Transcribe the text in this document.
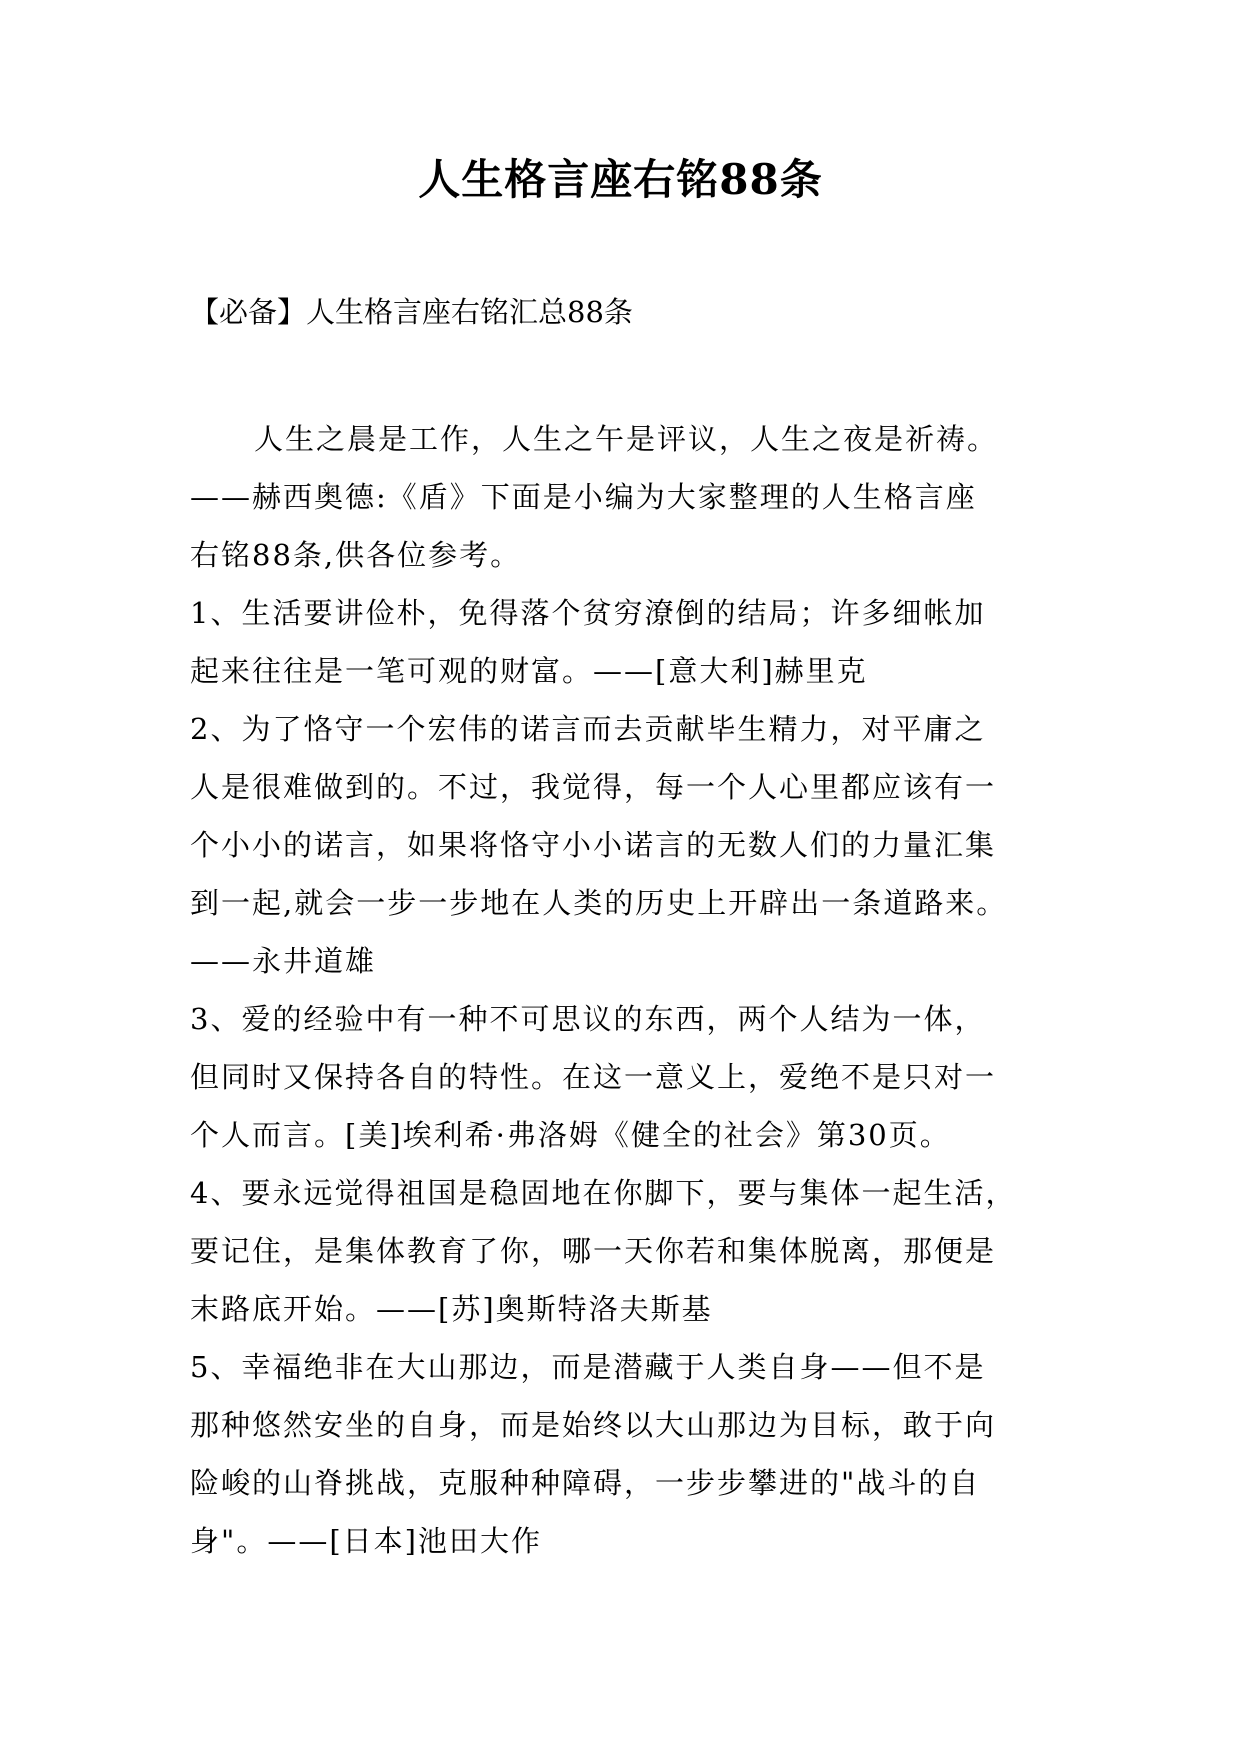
人生格言座右铭88条
【必备】人生格言座右铭汇总88条
人生之晨是工作，人生之午是评议，人生之夜是祈祷。
——赫西奥德:《盾》下面是小编为大家整理的人生格言座
右铭88条,供各位参考。
1、生活要讲俭朴，免得落个贫穷潦倒的结局；许多细帐加
起来往往是一笔可观的财富。——[意大利]赫里克
2、为了恪守一个宏伟的诺言而去贡献毕生精力，对平庸之
人是很难做到的。不过，我觉得，每一个人心里都应该有一
个小小的诺言，如果将恪守小小诺言的无数人们的力量汇集
到一起,就会一步一步地在人类的历史上开辟出一条道路来。
——永井道雄
3、爱的经验中有一种不可思议的东西，两个人结为一体，
但同时又保持各自的特性。在这一意义上，爱绝不是只对一
个人而言。[美]埃利希·弗洛姆《健全的社会》第30页。
4、要永远觉得祖国是稳固地在你脚下，要与集体一起生活，
要记住，是集体教育了你，哪一天你若和集体脱离，那便是
末路底开始。——[苏]奥斯特洛夫斯基
5、幸福绝非在大山那边，而是潜藏于人类自身——但不是
那种悠然安坐的自身，而是始终以大山那边为目标，敢于向
险峻的山脊挑战，克服种种障碍，一步步攀进的"战斗的自
身"。——[日本]池田大作
